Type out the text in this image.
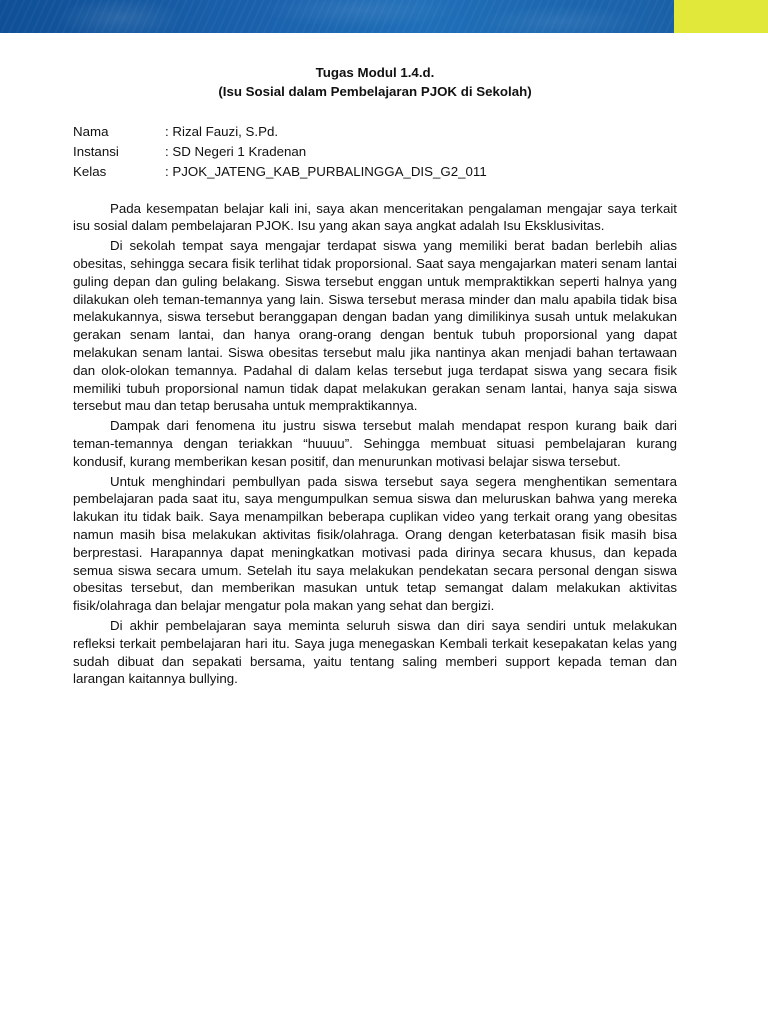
Tugas Modul 1.4.d.

(Isu Sosial dalam Pembelajaran PJOK di Sekolah)

Nama	: Rizal Fauzi, S.Pd.
Instansi	: SD Negeri 1 Kradenan
Kelas	: PJOK_JATENG_KAB_PURBALINGGA_DIS_G2_011

Pada kesempatan belajar kali ini, saya akan menceritakan pengalaman mengajar saya terkait isu sosial dalam pembelajaran PJOK. Isu yang akan saya angkat adalah Isu Eksklusivitas.

Di sekolah tempat saya mengajar terdapat siswa yang memiliki berat badan berlebih alias obesitas, sehingga secara fisik terlihat tidak proporsional. Saat saya mengajarkan materi senam lantai guling depan dan guling belakang. Siswa tersebut enggan untuk mempraktikkan seperti halnya yang dilakukan oleh teman-temannya yang lain. Siswa tersebut merasa minder dan malu apabila tidak bisa melakukannya, siswa tersebut beranggapan dengan badan yang dimilikinya susah untuk melakukan gerakan senam lantai, dan hanya orang-orang dengan bentuk tubuh proporsional yang dapat melakukan senam lantai. Siswa obesitas tersebut malu jika nantinya akan menjadi bahan tertawaan dan olok-olokan temannya. Padahal di dalam kelas tersebut juga terdapat siswa yang secara fisik memiliki tubuh proporsional namun tidak dapat melakukan gerakan senam lantai, hanya saja siswa tersebut mau dan tetap berusaha untuk mempraktikannya.

Dampak dari fenomena itu justru siswa tersebut malah mendapat respon kurang baik dari teman-temannya dengan teriakkan “huuuu”. Sehingga membuat situasi pembelajaran kurang kondusif, kurang memberikan kesan positif, dan menurunkan motivasi belajar siswa tersebut.

Untuk menghindari pembullyan pada siswa tersebut saya segera menghentikan sementara pembelajaran pada saat itu, saya mengumpulkan semua siswa dan meluruskan bahwa yang mereka lakukan itu tidak baik. Saya menampilkan beberapa cuplikan video yang terkait orang yang obesitas namun masih bisa melakukan aktivitas fisik/olahraga. Orang dengan keterbatasan fisik masih bisa berprestasi. Harapannya dapat meningkatkan motivasi pada dirinya secara khusus, dan kepada semua siswa secara umum. Setelah itu saya melakukan pendekatan secara personal dengan siswa obesitas tersebut, dan memberikan masukan untuk tetap semangat dalam melakukan aktivitas fisik/olahraga dan belajar mengatur pola makan yang sehat dan bergizi.

Di akhir pembelajaran saya meminta seluruh siswa dan diri saya sendiri untuk melakukan refleksi terkait pembelajaran hari itu. Saya juga menegaskan Kembali terkait kesepakatan kelas yang sudah dibuat dan sepakati bersama, yaitu tentang saling memberi support kepada teman dan larangan kaitannya bullying.
